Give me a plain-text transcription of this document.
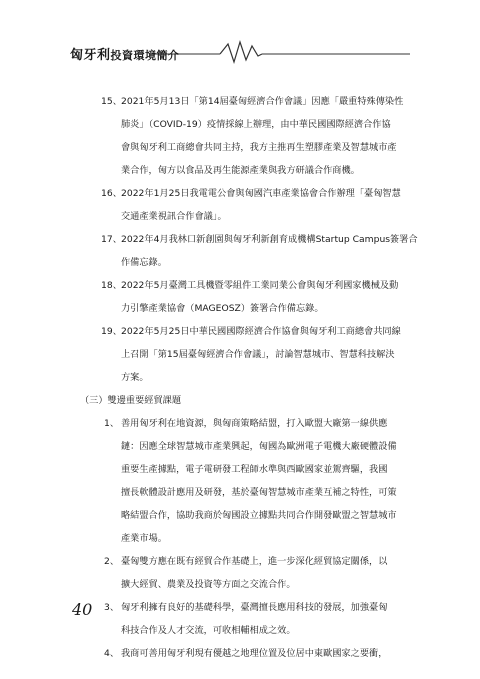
匈牙利投資環境簡介
15、 2021年5月13日「第14屆臺匈經濟合作會議」因應「嚴重特殊傳染性
肺炎」（COVID-19）疫情採線上辦理，由中華民國國際經濟合作協
會與匈牙利工商總會共同主持，我方主推再生塑膠產業及智慧城市產
業合作，匈方以食品及再生能源產業與我方研議合作商機。
16、 2022年1月25日我電電公會與匈國汽車產業協會合作辦理「臺匈智慧
交通產業視訊合作會議」。
17、 2022年4月我林口新創園與匈牙利新創育成機構Startup Campus簽署合
作備忘錄。
18、 2022年5月臺灣工具機暨零組件工業同業公會與匈牙利國家機械及動
力引擎產業協會（MAGEOSZ）簽署合作備忘錄。
19、 2022年5月25日中華民國國際經濟合作協會與匈牙利工商總會共同線
上召開「第15屆臺匈經濟合作會議」，討論智慧城市、智慧科技解決
方案。
（三）雙邊重要經貿課題
1、 善用匈牙利在地資源，與匈商策略結盟，打入歐盟大廠第一線供應
鏈：因應全球智慧城市產業興起，匈國為歐洲電子電機大廠硬體設備
重要生產據點，電子電研發工程師水準與西歐國家並駕齊驅，我國
擅長軟體設計應用及研發，基於臺匈智慧城市產業互補之特性，可策
略結盟合作，協助我商於匈國設立據點共同合作開發歐盟之智慧城市
產業市場。
2、 臺匈雙方應在既有經貿合作基礎上，進一步深化經貿協定關係，以
擴大經貿、農業及投資等方面之交流合作。
3、 匈牙利擁有良好的基礎科學，臺灣擅長應用科技的發展，加強臺匈
科技合作及人才交流，可收相輔相成之效。
4、 我商可善用匈牙利現有優越之地理位置及位居中東歐國家之要衝，
40
